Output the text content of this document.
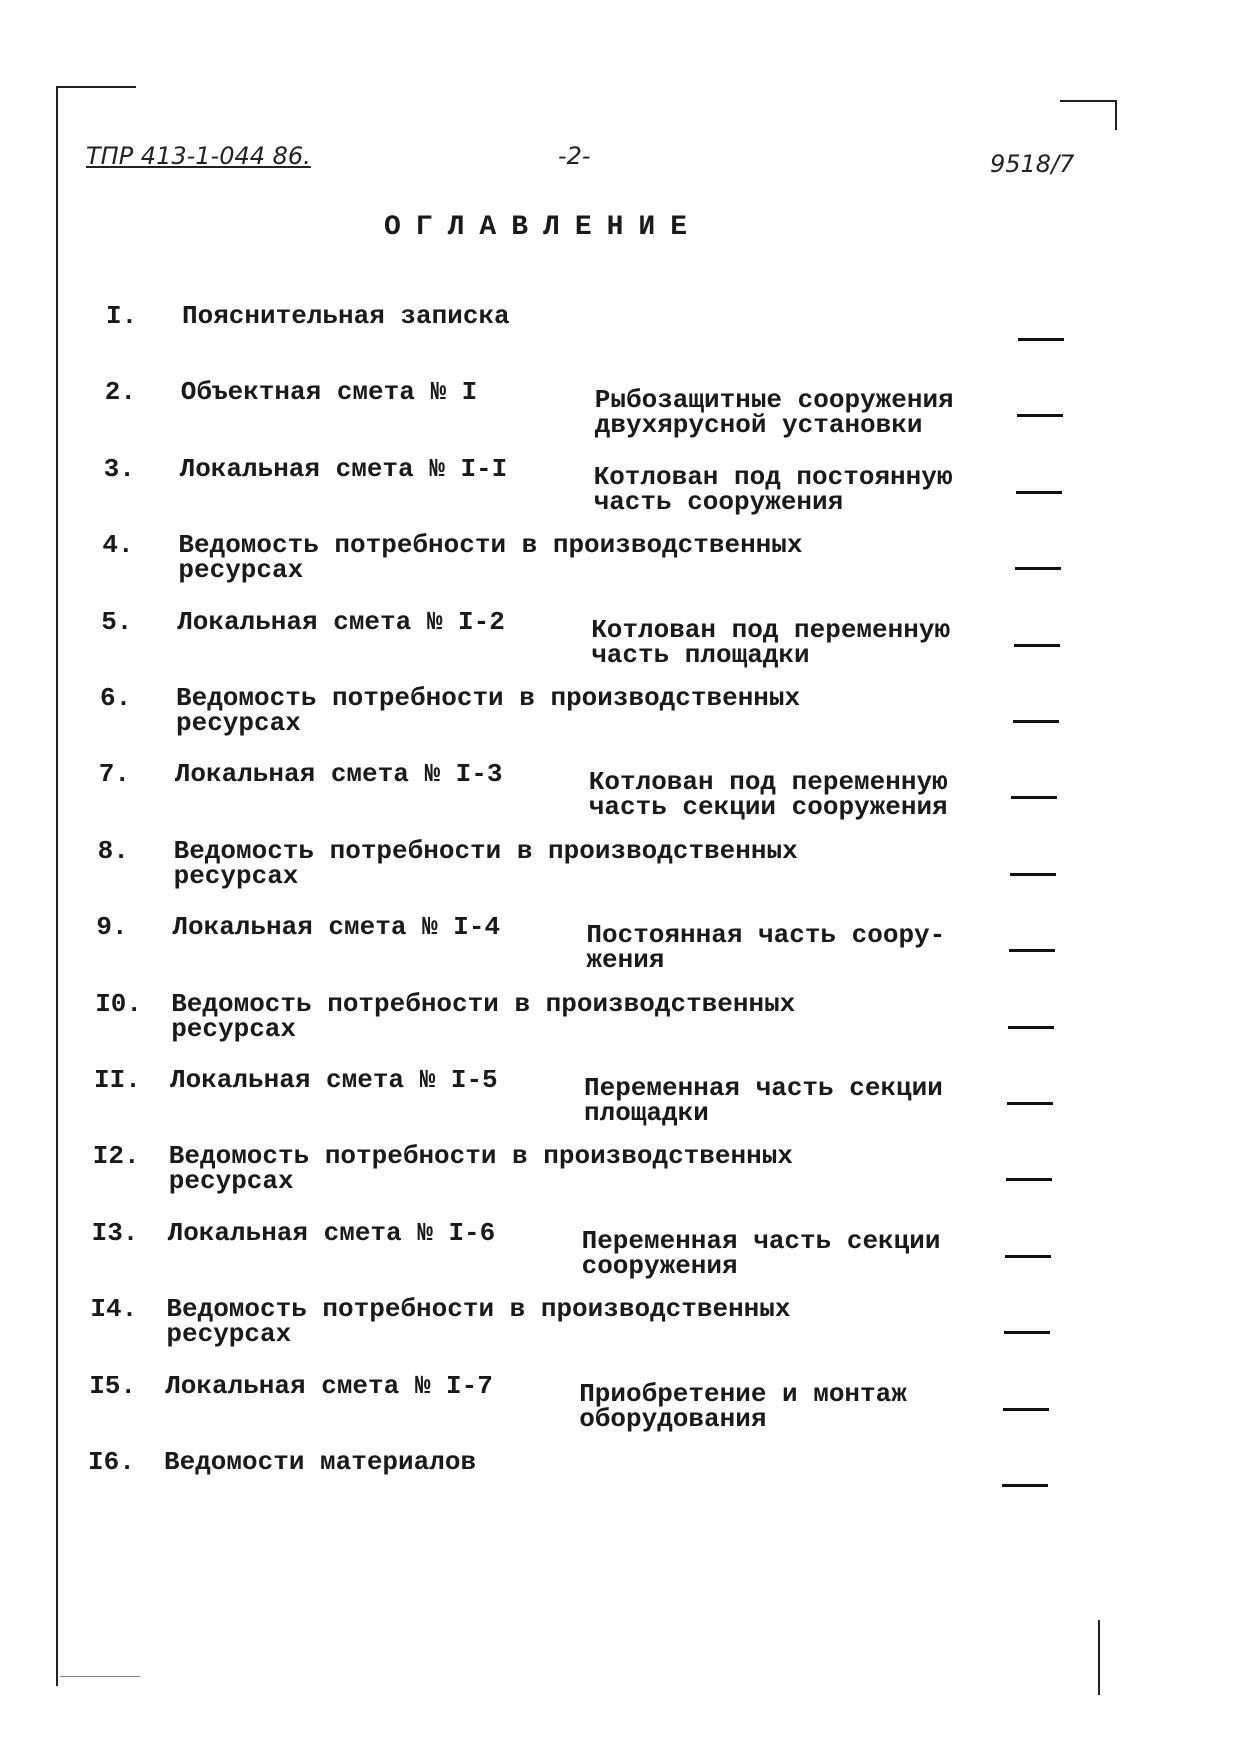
ТПР 413-1-044 86.	-2-	9518/7
ОГЛАВЛЕНИЕ
I. Пояснительная записка
2. Объектная смета № I	Рыбозащитные сооружения
двухярусной установки
3. Локальная смета № I-I	Котлован под постоянную
часть сооружения
4. Ведомость потребности в производственных
ресурсах
5. Локальная смета № I-2	Котлован под переменную
часть площадки
6. Ведомость потребности в производственных
ресурсах
7. Локальная смета № I-3	Котлован под переменную
часть секции сооружения
8. Ведомость потребности в производственных
ресурсах
9. Локальная смета № I-4	Постоянная часть соору-
жения
I0. Ведомость потребности в производственных
ресурсах
II. Локальная смета № I-5	Переменная часть секции
площадки
I2. Ведомость потребности в производственных
ресурсах
I3. Локальная смета № I-6	Переменная часть секции
сооружения
I4. Ведомость потребности в производственных
ресурсах
I5. Локальная смета № I-7	Приобретение и монтаж
оборудования
I6. Ведомости материалов
